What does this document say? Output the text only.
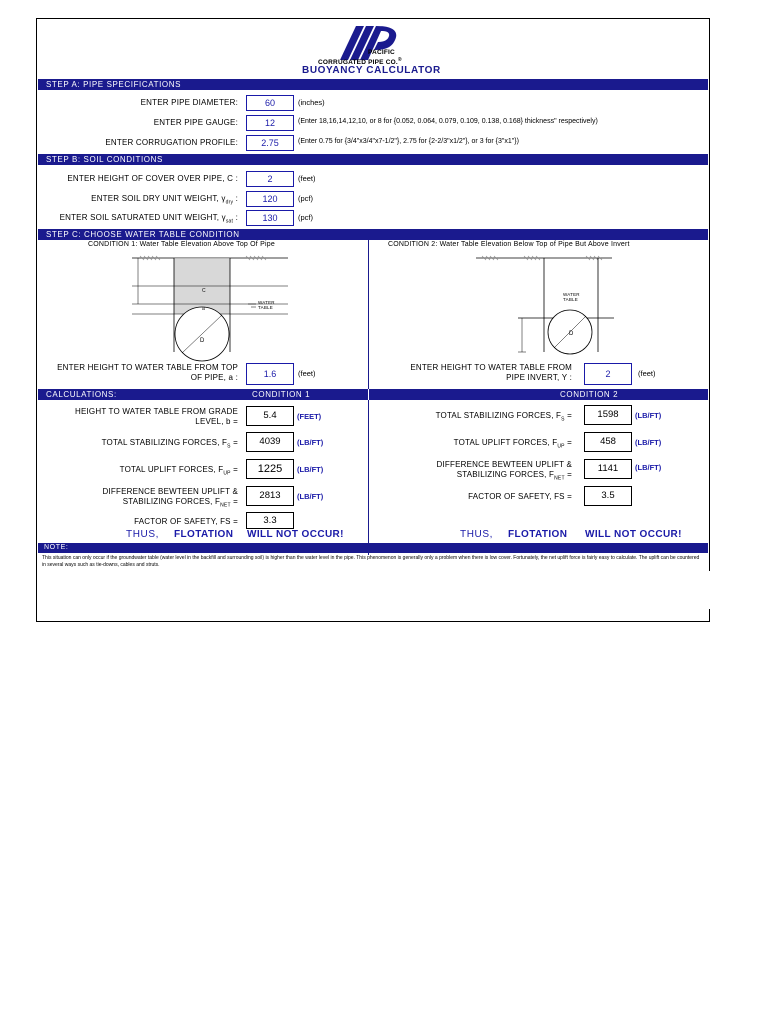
PACIFIC
CORRUGATED PIPE CO.®
BUOYANCY CALCULATOR
STEP A: PIPE SPECIFICATIONS
ENTER PIPE DIAMETER:	60	(inches)
ENTER PIPE GAUGE:	12	(Enter 18,16,14,12,10, or 8 for {0.052, 0.064, 0.079, 0.109, 0.138, 0.168} thickness" respectively)
ENTER CORRUGATION PROFILE:	2.75	(Enter 0.75 for {3/4"x3/4"x7-1/2"}, 2.75 for {2-2/3"x1/2"}, or 3 for {3"x1"})
STEP B: SOIL CONDITIONS
ENTER HEIGHT OF COVER OVER PIPE, C :	2	(feet)
ENTER SOIL DRY UNIT WEIGHT, $\gamma_{dry}$ :	120	(pcf)
ENTER SOIL SATURATED UNIT WEIGHT, $\gamma_{sat}$ :	130	(pcf)
STEP C: CHOOSE WATER TABLE CONDITION
CONDITION 1: Water Table Elevation Above Top Of Pipe	CONDITION 2: Water Table Elevation Below Top of Pipe But Above Invert
D
C
a
WATER TABLE
D
WATER TABLE
ENTER HEIGHT TO WATER TABLE FROM TOP
OF PIPE, a :	1.6	(feet)
ENTER HEIGHT TO WATER TABLE FROM
PIPE INVERT, Y :	2	(feet)
CALCULATIONS:	CONDITION 1	CONDITION 2
HEIGHT TO WATER TABLE FROM GRADE
LEVEL, b =
5.4	(FEET)
TOTAL STABILIZING FORCES, $F_S$ =	4039	(LB/FT)
TOTAL UPLIFT FORCES, $F_{UP}$ =	1225	(LB/FT)
DIFFERENCE BEWTEEN UPLIFT &
STABILIZING FORCES, $F_{NET}$ =
2813	(LB/FT)
FACTOR OF SAFETY, FS =	3.3
THUS, FLOTATION WILL NOT OCCUR!
TOTAL STABILIZING FORCES, $F_S$ =	1598	(LB/FT)
TOTAL UPLIFT FORCES, $F_{UP}$ =	458	(LB/FT)
DIFFERENCE BEWTEEN UPLIFT &
STABILIZING FORCES, $F_{NET}$ =
1141	(LB/FT)
FACTOR OF SAFETY, FS =	3.5
THUS, FLOTATION WILL NOT OCCUR!
NOTE:
This situation can only occur if the groundwater table (water level in the backfill and surrounding soil) is higher than the water level in the pipe. This phenomenon is generally only a problem when there is low cover. Fortunately, the net uplift force is fairly easy to calculate. The uplift can be countered in several ways such as tie-downs, cables and struts.
